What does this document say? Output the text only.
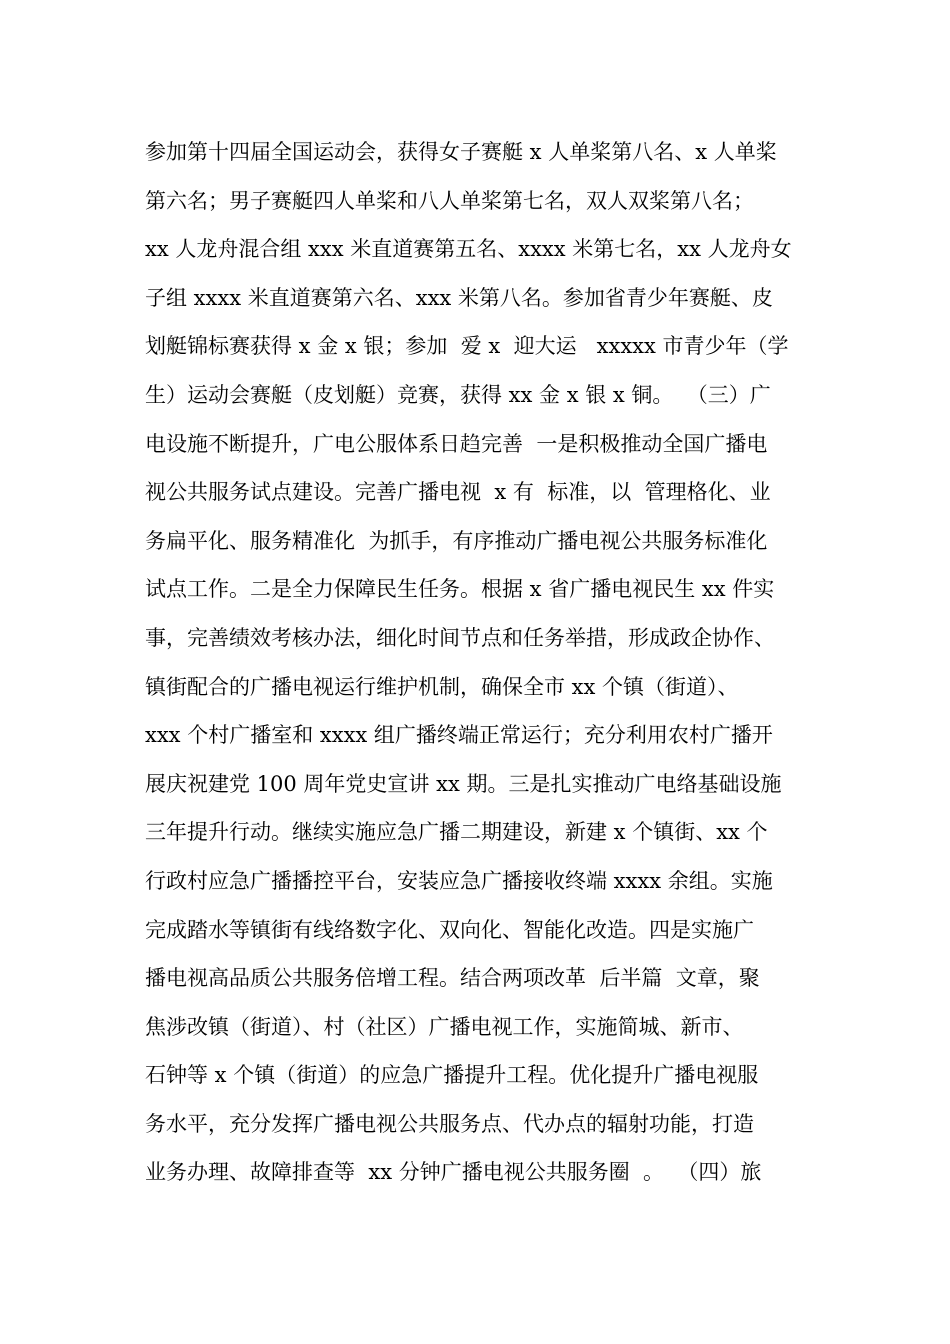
参加第十四届全国运动会，获得女子赛艇 x 人单桨第八名、x 人单桨
第六名；男子赛艇四人单桨和八人单桨第七名，双人双桨第八名；
xx 人龙舟混合组 xxx 米直道赛第五名、xxxx 米第七名，xx 人龙舟女
子组 xxxx 米直道赛第六名、xxx 米第八名。参加省青少年赛艇、皮
划艇锦标赛获得 x 金 x 银；参加  爱 x  迎大运   xxxxx 市青少年（学
生）运动会赛艇（皮划艇）竞赛，获得 xx 金 x 银 x 铜。  （三）广
电设施不断提升，广电公服体系日趋完善  一是积极推动全国广播电
视公共服务试点建设。完善广播电视  x 有  标准，以  管理格化、业
务扁平化、服务精准化  为抓手，有序推动广播电视公共服务标准化
试点工作。二是全力保障民生任务。根据 x 省广播电视民生 xx 件实
事，完善绩效考核办法，细化时间节点和任务举措，形成政企协作、
镇街配合的广播电视运行维护机制，确保全市 xx 个镇（街道）、
xxx 个村广播室和 xxxx 组广播终端正常运行；充分利用农村广播开
展庆祝建党 100 周年党史宣讲 xx 期。三是扎实推动广电络基础设施
三年提升行动。继续实施应急广播二期建设，新建 x 个镇街、xx 个
行政村应急广播播控平台，安装应急广播接收终端 xxxx 余组。实施
完成踏水等镇街有线络数字化、双向化、智能化改造。四是实施广
播电视高品质公共服务倍增工程。结合两项改革  后半篇  文章，聚
焦涉改镇（街道）、村（社区）广播电视工作，实施简城、新市、
石钟等 x 个镇（街道）的应急广播提升工程。优化提升广播电视服
务水平，充分发挥广播电视公共服务点、代办点的辐射功能，打造
业务办理、故障排查等  xx 分钟广播电视公共服务圈  。  （四）旅
